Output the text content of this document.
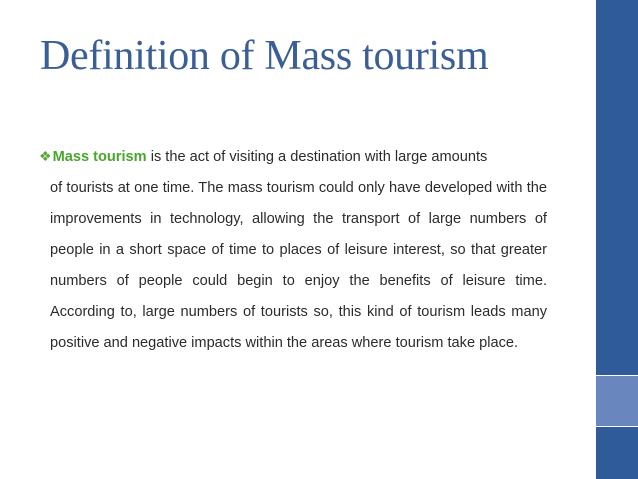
Definition of Mass tourism
❖Mass tourism is the act of visiting a destination with large amounts
of tourists at one time. The mass tourism could only have developed with the improvements in technology, allowing the transport of large numbers of people in a short space of time to places of leisure interest, so that greater numbers of people could begin to enjoy the benefits of leisure time. According to, large numbers of tourists so, this kind of tourism leads many positive and negative impacts within the areas where tourism take place.
